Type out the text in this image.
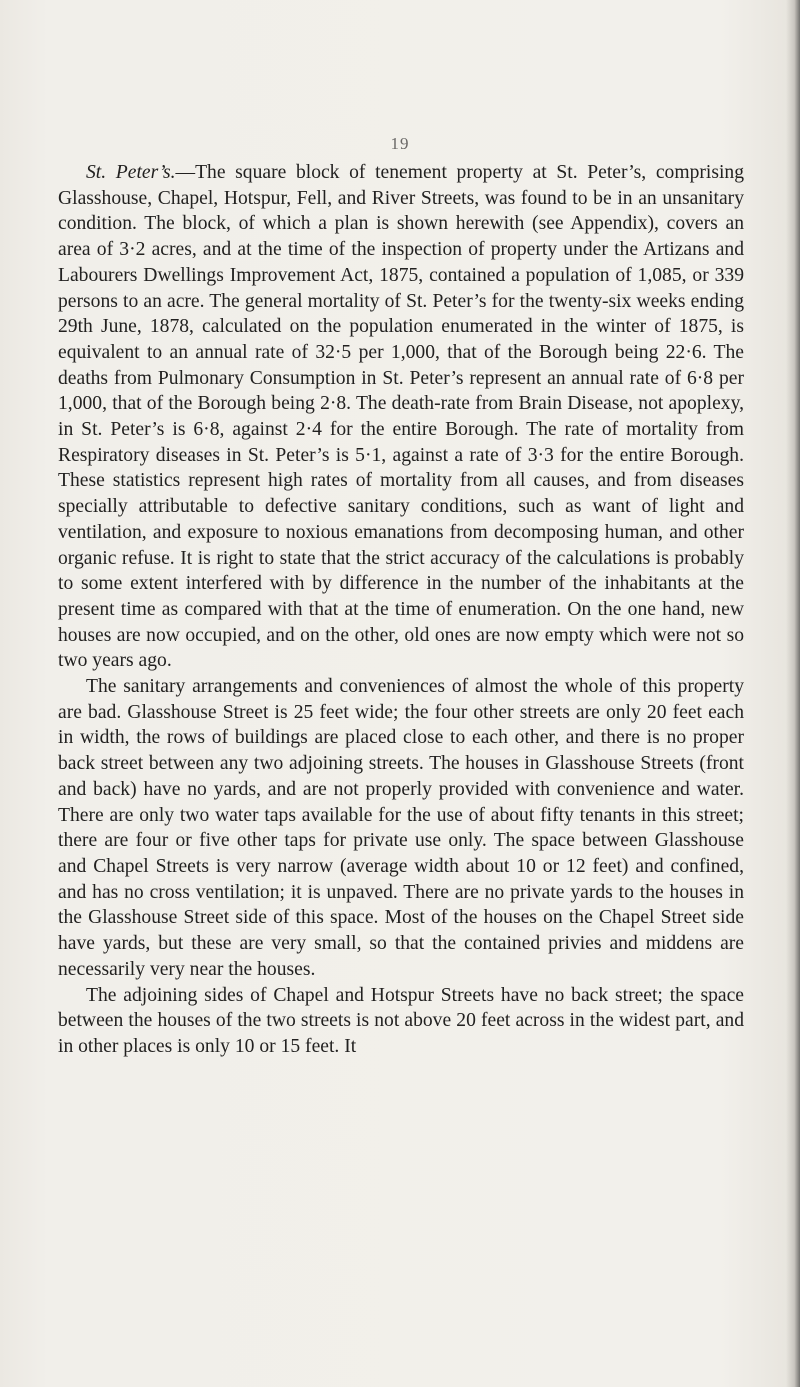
19

St. Peter’s.—The square block of tenement property at St. Peter’s, comprising Glasshouse, Chapel, Hotspur, Fell, and River Streets, was found to be in an unsanitary condition. The block, of which a plan is shown herewith (see Appendix), covers an area of 3·2 acres, and at the time of the inspection of property under the Artizans and Labourers Dwellings Improvement Act, 1875, contained a population of 1,085, or 339 persons to an acre. The general mortality of St. Peter’s for the twenty-six weeks ending 29th June, 1878, calculated on the population enumerated in the winter of 1875, is equivalent to an annual rate of 32·5 per 1,000, that of the Borough being 22·6. The deaths from Pulmonary Consumption in St. Peter’s represent an annual rate of 6·8 per 1,000, that of the Borough being 2·8. The death-rate from Brain Disease, not apoplexy, in St. Peter’s is 6·8, against 2·4 for the entire Borough. The rate of mortality from Respiratory diseases in St. Peter’s is 5·1, against a rate of 3·3 for the entire Borough. These statistics represent high rates of mortality from all causes, and from diseases specially attributable to defective sanitary conditions, such as want of light and ventilation, and exposure to noxious emanations from decomposing human, and other organic refuse. It is right to state that the strict accuracy of the calculations is probably to some extent interfered with by difference in the number of the inhabitants at the present time as compared with that at the time of enumeration. On the one hand, new houses are now occupied, and on the other, old ones are now empty which were not so two years ago.

The sanitary arrangements and conveniences of almost the whole of this property are bad. Glasshouse Street is 25 feet wide; the four other streets are only 20 feet each in width, the rows of buildings are placed close to each other, and there is no proper back street between any two adjoining streets. The houses in Glasshouse Streets (front and back) have no yards, and are not properly provided with convenience and water. There are only two water taps available for the use of about fifty tenants in this street; there are four or five other taps for private use only. The space between Glasshouse and Chapel Streets is very narrow (average width about 10 or 12 feet) and confined, and has no cross ventilation; it is unpaved. There are no private yards to the houses in the Glasshouse Street side of this space. Most of the houses on the Chapel Street side have yards, but these are very small, so that the contained privies and middens are necessarily very near the houses.

The adjoining sides of Chapel and Hotspur Streets have no back street; the space between the houses of the two streets is not above 20 feet across in the widest part, and in other places is only 10 or 15 feet. It
